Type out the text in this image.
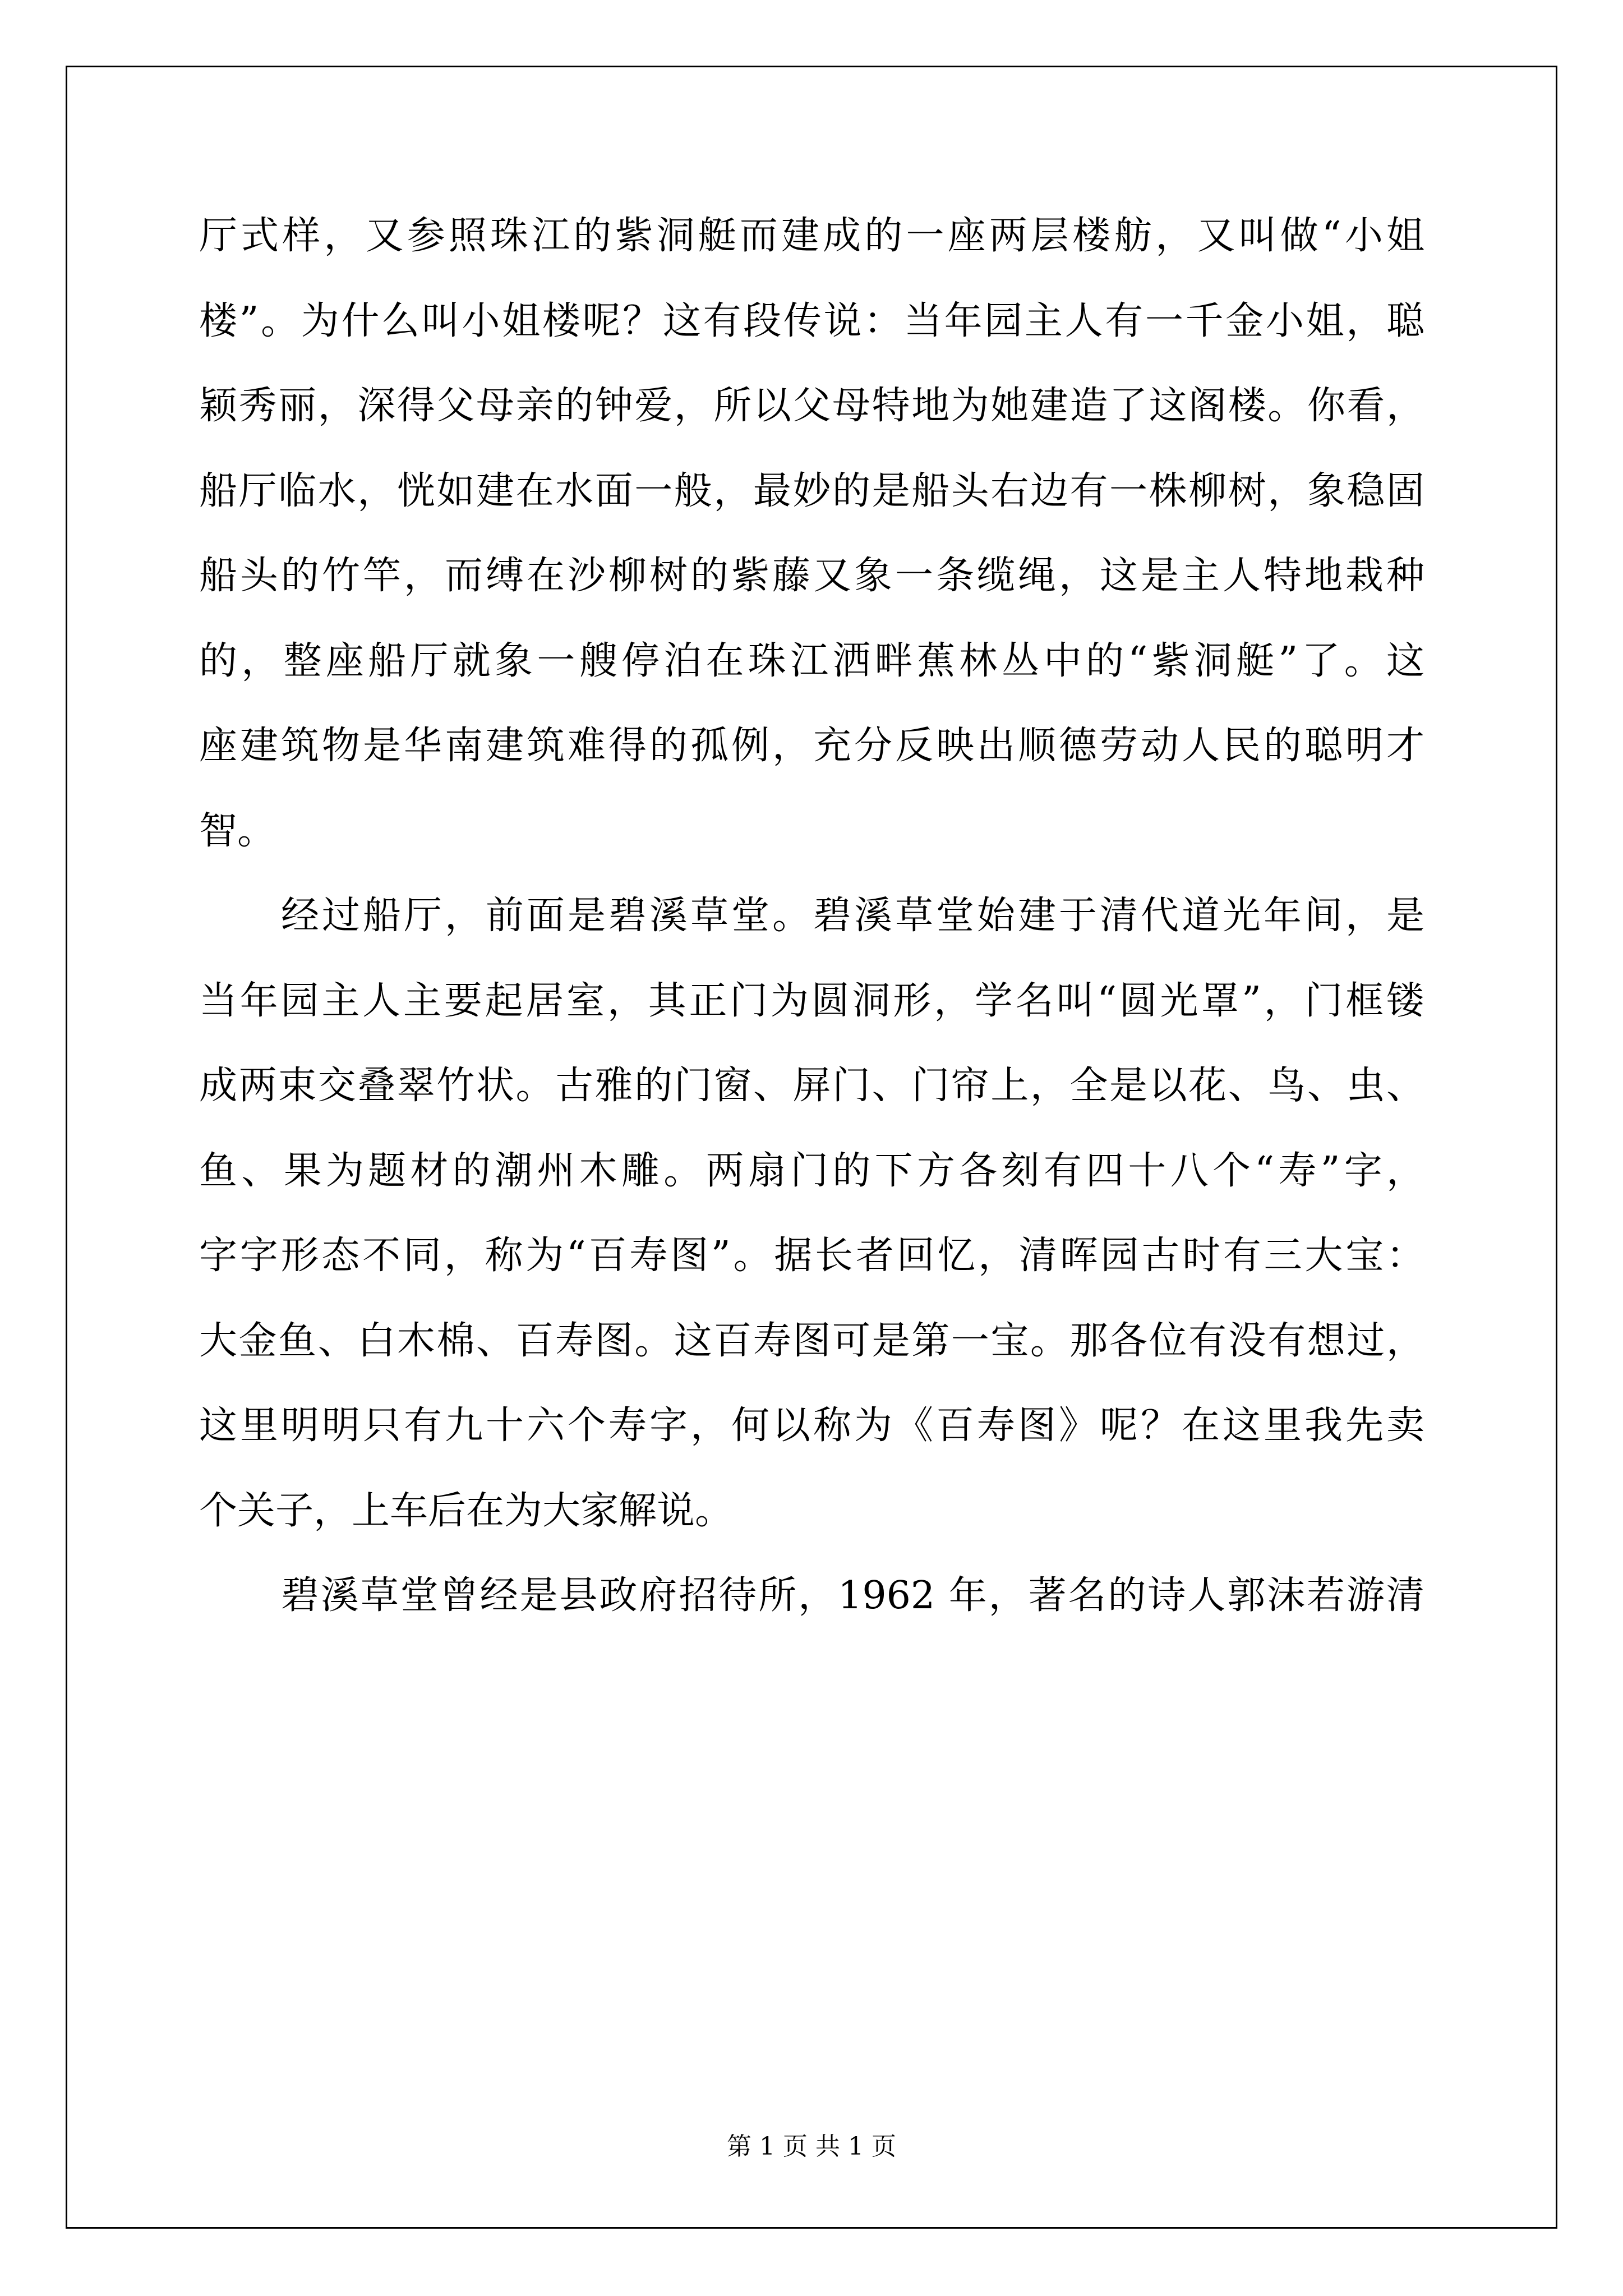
厅式样，又参照珠江的紫洞艇而建成的一座两层楼舫，又叫做“小姐
楼”。为什么叫小姐楼呢？这有段传说：当年园主人有一千金小姐，聪
颖秀丽，深得父母亲的钟爱，所以父母特地为她建造了这阁楼。你看，
船厅临水，恍如建在水面一般，最妙的是船头右边有一株柳树，象稳固
船头的竹竿，而缚在沙柳树的紫藤又象一条缆绳，这是主人特地栽种
的，整座船厅就象一艘停泊在珠江洒畔蕉林丛中的“紫洞艇”了。这
座建筑物是华南建筑难得的孤例，充分反映出顺德劳动人民的聪明才
智。
经过船厅，前面是碧溪草堂。碧溪草堂始建于清代道光年间，是
当年园主人主要起居室，其正门为圆洞形，学名叫“圆光罩”，门框镂
成两束交叠翠竹状。古雅的门窗、屏门、门帘上，全是以花、鸟、虫、
鱼、果为题材的潮州木雕。两扇门的下方各刻有四十八个“寿”字，
字字形态不同，称为“百寿图”。据长者回忆，清晖园古时有三大宝：
大金鱼、白木棉、百寿图。这百寿图可是第一宝。那各位有没有想过，
这里明明只有九十六个寿字，何以称为《百寿图》呢？在这里我先卖
个关子，上车后在为大家解说。
碧溪草堂曾经是县政府招待所，1962 年，著名的诗人郭沫若游清
第 1 页 共 1 页
